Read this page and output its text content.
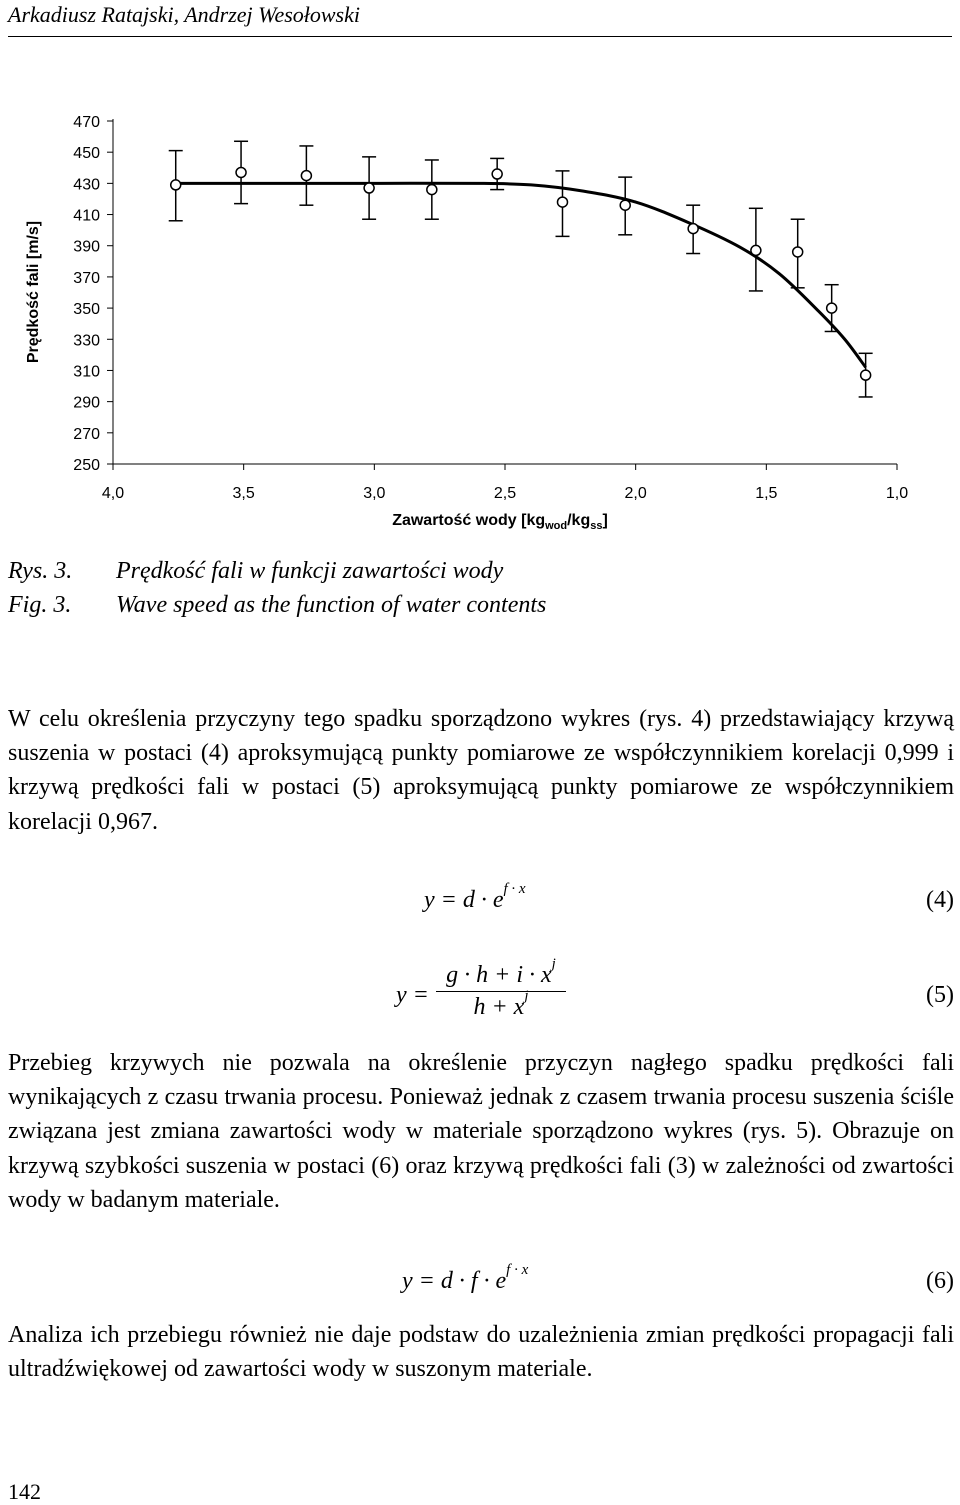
Arkadiusz Ratajski, Andrzej Wesołowski
470
450
430
410
390
370
350
330
310
290
270
250
4,0	3,5	3,0	2,5	2,0	1,5	1,0
Prędkość fali [m/s]
Zawartość wody $[kg_{wod}/kg_{ss}]$
Rys. 3. Prędkość fali w funkcji zawartości wody
Fig. 3. Wave speed as the function of water contents
W celu określenia przyczyny tego spadku sporządzono wykres (rys. 4) przedstawiający krzywą suszenia w postaci (4) aproksymującą punkty pomiarowe ze współczynnikiem korelacji 0,999 i krzywą prędkości fali w postaci (5) aproksymującą punkty pomiarowe ze współczynnikiem korelacji 0,967.
$y = d \cdot e^{f \cdot x}$	(4)
$y = \frac{g \cdot h + i \cdot x^j}{h + x^j}$	(5)
Przebieg krzywych nie pozwala na określenie przyczyn nagłego spadku prędkości fali wynikających z czasu trwania procesu. Ponieważ jednak z czasem trwania procesu suszenia ściśle związana jest zmiana zawartości wody w materiale sporządzono wykres (rys. 5). Obrazuje on krzywą szybkości suszenia w postaci (6) oraz krzywą prędkości fali (3) w zależności od zwartości wody w badanym materiale.
$y = d \cdot f \cdot e^{f \cdot x}$	(6)
Analiza ich przebiegu również nie daje podstaw do uzależnienia zmian prędkości propagacji fali ultradźwiękowej od zawartości wody w suszonym materiale.
142
